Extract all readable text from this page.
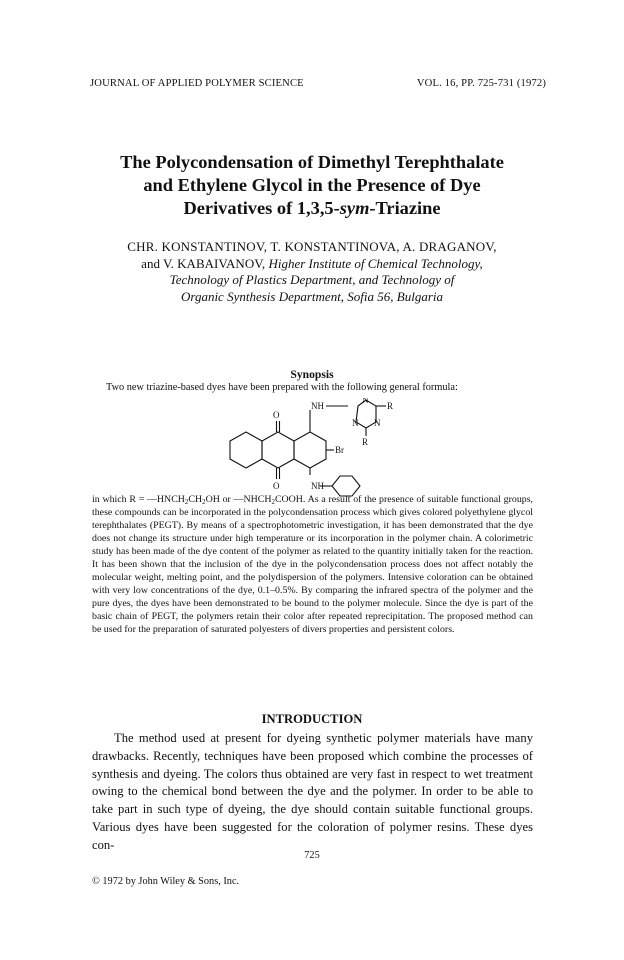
JOURNAL OF APPLIED POLYMER SCIENCE	VOL. 16, PP. 725-731 (1972)
The Polycondensation of Dimethyl Terephthalate
and Ethylene Glycol in the Presence of Dye
Derivatives of 1,3,5-sym-Triazine
CHR. KONSTANTINOV, T. KONSTANTINOVA, A. DRAGANOV,
and V. KABAIVANOV, Higher Institute of Chemical Technology,
Technology of Plastics Department, and Technology of
Organic Synthesis Department, Sofia 56, Bulgaria
Synopsis
Two new triazine-based dyes have been prepared with the following general formula:
O
O
NH
NH
Br
N
N N
R
R

in which $R = —HNCH_2CH_2OH$ or $—NHCH_2COOH$. As a result of the presence of suitable functional groups, these compounds can be incorporated in the polycondensation process which gives colored polyethylene glycol terephthalates (PEGT). By means of a spectrophotometric investigation, it has been demonstrated that the dye does not change its structure under high temperature or its incorporation in the polymer chain. A colorimetric study has been made of the dye content of the polymer as related to the quantity initially taken for the reaction. It has been shown that the inclusion of the dye in the polycondensation process does not affect notably the molecular weight, melting point, and the polydispersion of the polymers. Intensive coloration can be obtained with very low concentrations of the dye, 0.1–0.5%. By comparing the infrared spectra of the polymer and the pure dyes, the dyes have been demonstrated to be bound to the polymer molecule. Since the dye is part of the basic chain of PEGT, the polymers retain their color after repeated reprecipitation. The proposed method can be used for the preparation of saturated polyesters of divers properties and persistent colors.

INTRODUCTION

The method used at present for dyeing synthetic polymer materials have many drawbacks. Recently, techniques have been proposed which combine the processes of synthesis and dyeing. The colors thus obtained are very fast in respect to wet treatment owing to the chemical bond between the dye and the polymer. In order to be able to take part in such type of dyeing, the dye should contain suitable functional groups. Various dyes have been suggested for the coloration of polymer resins. These dyes con-

725
© 1972 by John Wiley & Sons, Inc.
